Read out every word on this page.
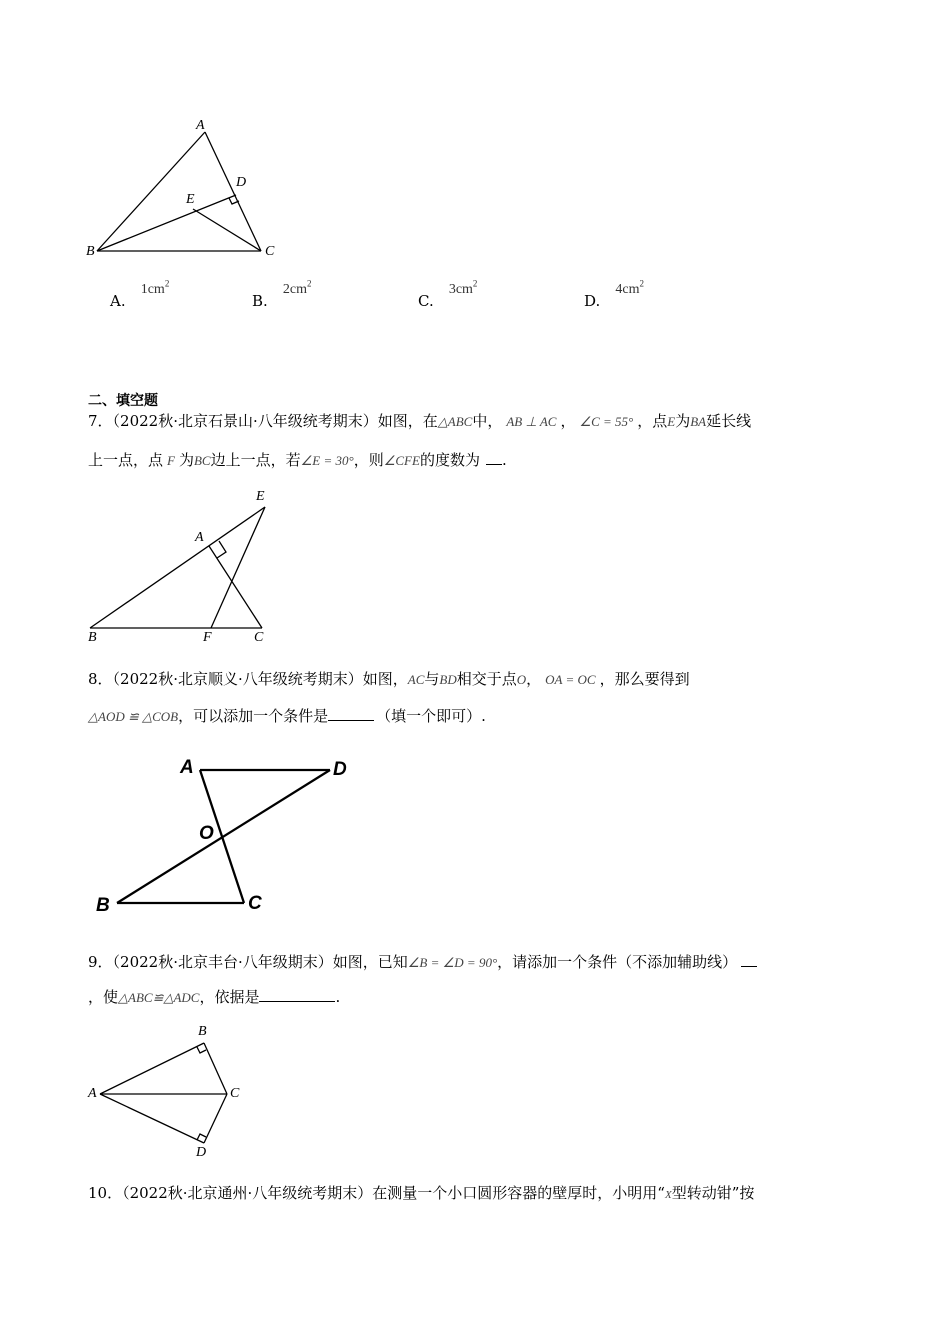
A
D
E
B	C
A. $1cm^2$
B. $2cm^2$
C. $3cm^2$
D. $4cm^2$
二、填空题
7．（2022秋·北京石景山·八年级统考期末）如图，在△ABC中， AB ⊥ AC ， ∠C = 55° ，点E为BA延长线
上一点，点 F 为BC边上一点，若∠E = 30°，则∠CFE的度数为 .
E
A
B	F	C
8．（2022秋·北京顺义·八年级统考期末）如图，AC与BD相交于点O， OA = OC ，那么要得到
△AOD ≌ △COB，可以添加一个条件是	（填一个即可）.
A	D
O
B	C
9．（2022秋·北京丰台·八年级期末）如图，已知∠B = ∠D = 90°，请添加一个条件（不添加辅助线）
，使△ABC≌△ADC，依据是	.
B
A	C
D
10．（2022秋·北京通州·八年级统考期末）在测量一个小口圆形容器的壁厚时，小明用“X型转动钳”按
